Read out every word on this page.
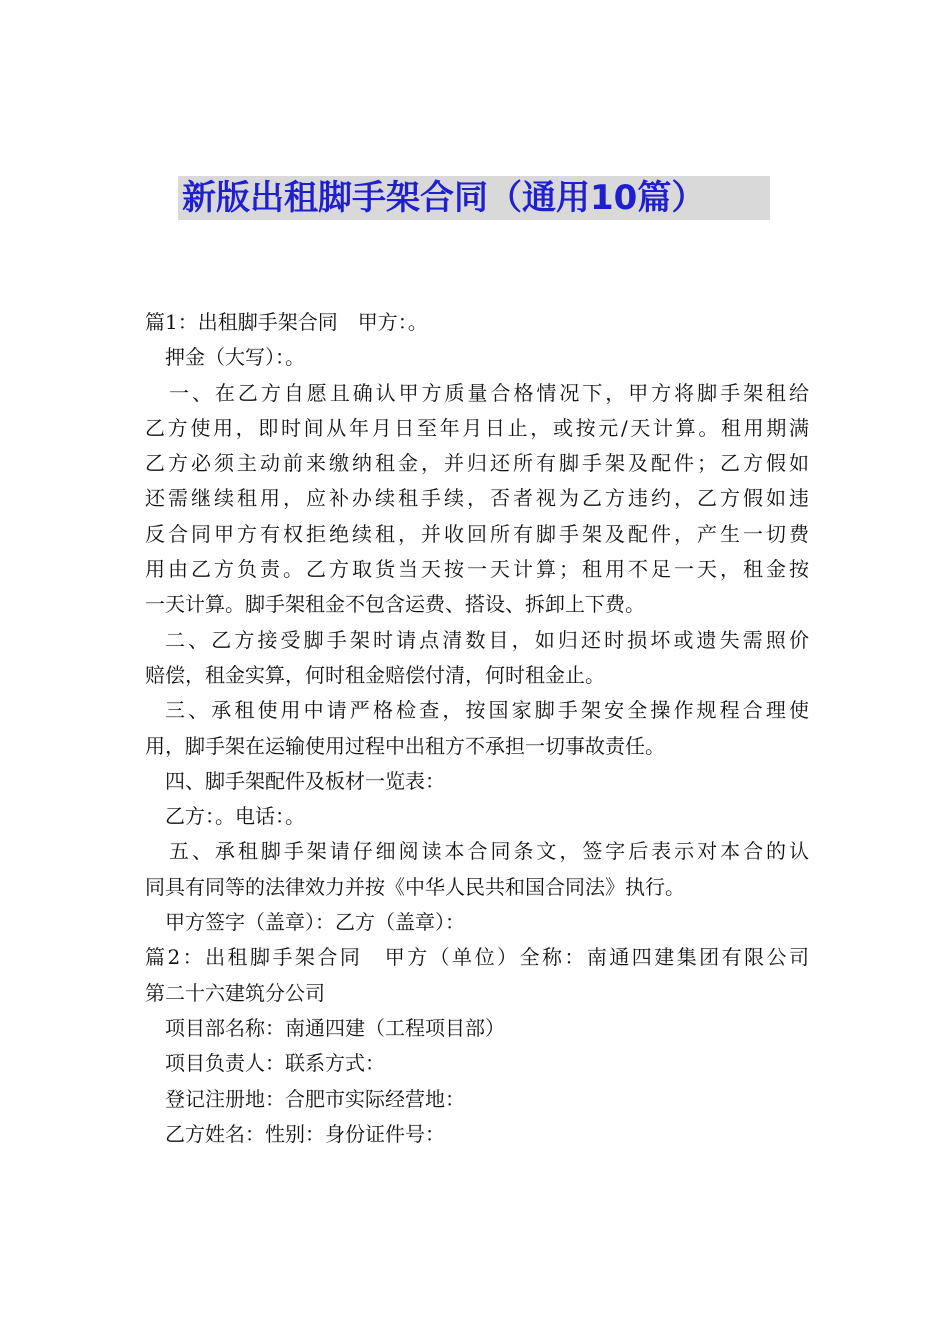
新版出租脚手架合同（通用10篇）

篇1：出租脚手架合同　甲方：。

押金（大写）：。

一、在乙方自愿且确认甲方质量合格情况下，甲方将脚手架租给

乙方使用，即时间从年月日至年月日止，或按元/天计算。租用期满

乙方必须主动前来缴纳租金，并归还所有脚手架及配件；乙方假如

还需继续租用，应补办续租手续，否者视为乙方违约，乙方假如违

反合同甲方有权拒绝续租，并收回所有脚手架及配件，产生一切费

用由乙方负责。乙方取货当天按一天计算；租用不足一天，租金按

一天计算。脚手架租金不包含运费、搭设、拆卸上下费。

二、乙方接受脚手架时请点清数目，如归还时损坏或遗失需照价

赔偿，租金实算，何时租金赔偿付清，何时租金止。

三、承租使用中请严格检查，按国家脚手架安全操作规程合理使

用，脚手架在运输使用过程中出租方不承担一切事故责任。

四、脚手架配件及板材一览表：

乙方：。电话：。

五、承租脚手架请仔细阅读本合同条文，签字后表示对本合的认

同具有同等的法律效力并按《中华人民共和国合同法》执行。

甲方签字（盖章）：乙方（盖章）：

篇2：出租脚手架合同　甲方（单位）全称：南通四建集团有限公司

第二十六建筑分公司

项目部名称：南通四建（工程项目部）

项目负责人：联系方式：

登记注册地：合肥市实际经营地：

乙方姓名：性别：身份证件号：
